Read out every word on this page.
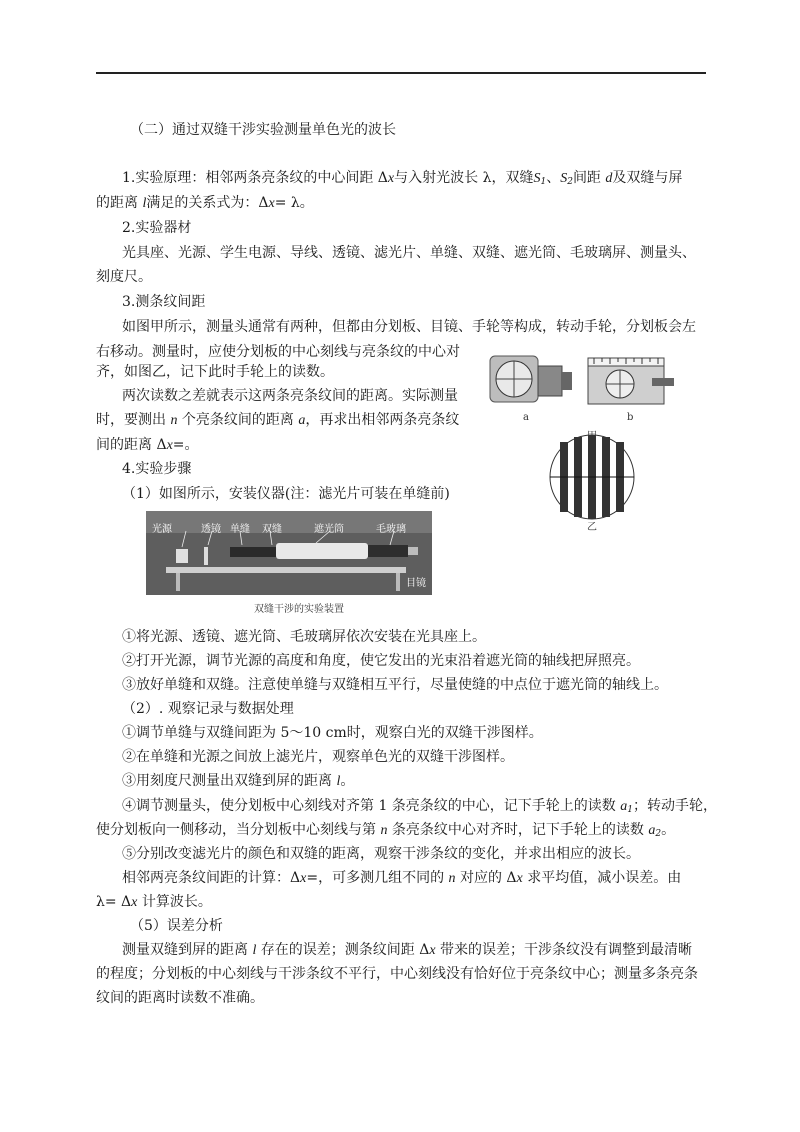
（二）通过双缝干涉实验测量单色光的波长
1.实验原理：相邻两条亮条纹的中心间距 Δx与入射光波长 λ，双缝$S_1$、$S_2$间距 d及双缝与屏
的距离 l满足的关系式为：Δx= λ。
2.实验器材
光具座、光源、学生电源、导线、透镜、滤光片、单缝、双缝、遮光筒、毛玻璃屏、测量头、
刻度尺。
3.测条纹间距
如图甲所示，测量头通常有两种，但都由分划板、目镜、手轮等构成，转动手轮，分划板会左
右移动。测量时，应使分划板的中心刻线与亮条纹的中心对
齐，如图乙，记下此时手轮上的读数。
两次读数之差就表示这两条亮条纹间的距离。实际测量
时，要测出 n 个亮条纹间的距离 a，再求出相邻两条亮条纹
间的距离 Δx=。
a	b
甲
乙
4.实验步骤
（1）如图所示，安装仪器(注：滤光片可装在单缝前)
光源	透镜 单缝 双缝	遮光筒	毛玻璃
目镜
双缝干涉的实验装置
①将光源、透镜、遮光筒、毛玻璃屏依次安装在光具座上。
②打开光源，调节光源的高度和角度，使它发出的光束沿着遮光筒的轴线把屏照亮。
③放好单缝和双缝。注意使单缝与双缝相互平行，尽量使缝的中点位于遮光筒的轴线上。
（2）. 观察记录与数据处理
①调节单缝与双缝间距为 5～10 cm时，观察白光的双缝干涉图样。
②在单缝和光源之间放上滤光片，观察单色光的双缝干涉图样。
③用刻度尺测量出双缝到屏的距离 l。
④调节测量头，使分划板中心刻线对齐第 1 条亮条纹的中心，记下手轮上的读数 $a_1$；转动手轮，
使分划板向一侧移动，当分划板中心刻线与第 n 条亮条纹中心对齐时，记下手轮上的读数 $a_2$。
⑤分别改变滤光片的颜色和双缝的距离，观察干涉条纹的变化，并求出相应的波长。
相邻两亮条纹间距的计算：Δx=，可多测几组不同的 n 对应的 Δx 求平均值，减小误差。由
λ= Δx 计算波长。
（5）误差分析
测量双缝到屏的距离 l 存在的误差；测条纹间距 Δx 带来的误差；干涉条纹没有调整到最清晰
的程度；分划板的中心刻线与干涉条纹不平行，中心刻线没有恰好位于亮条纹中心；测量多条亮条
纹间的距离时读数不准确。
